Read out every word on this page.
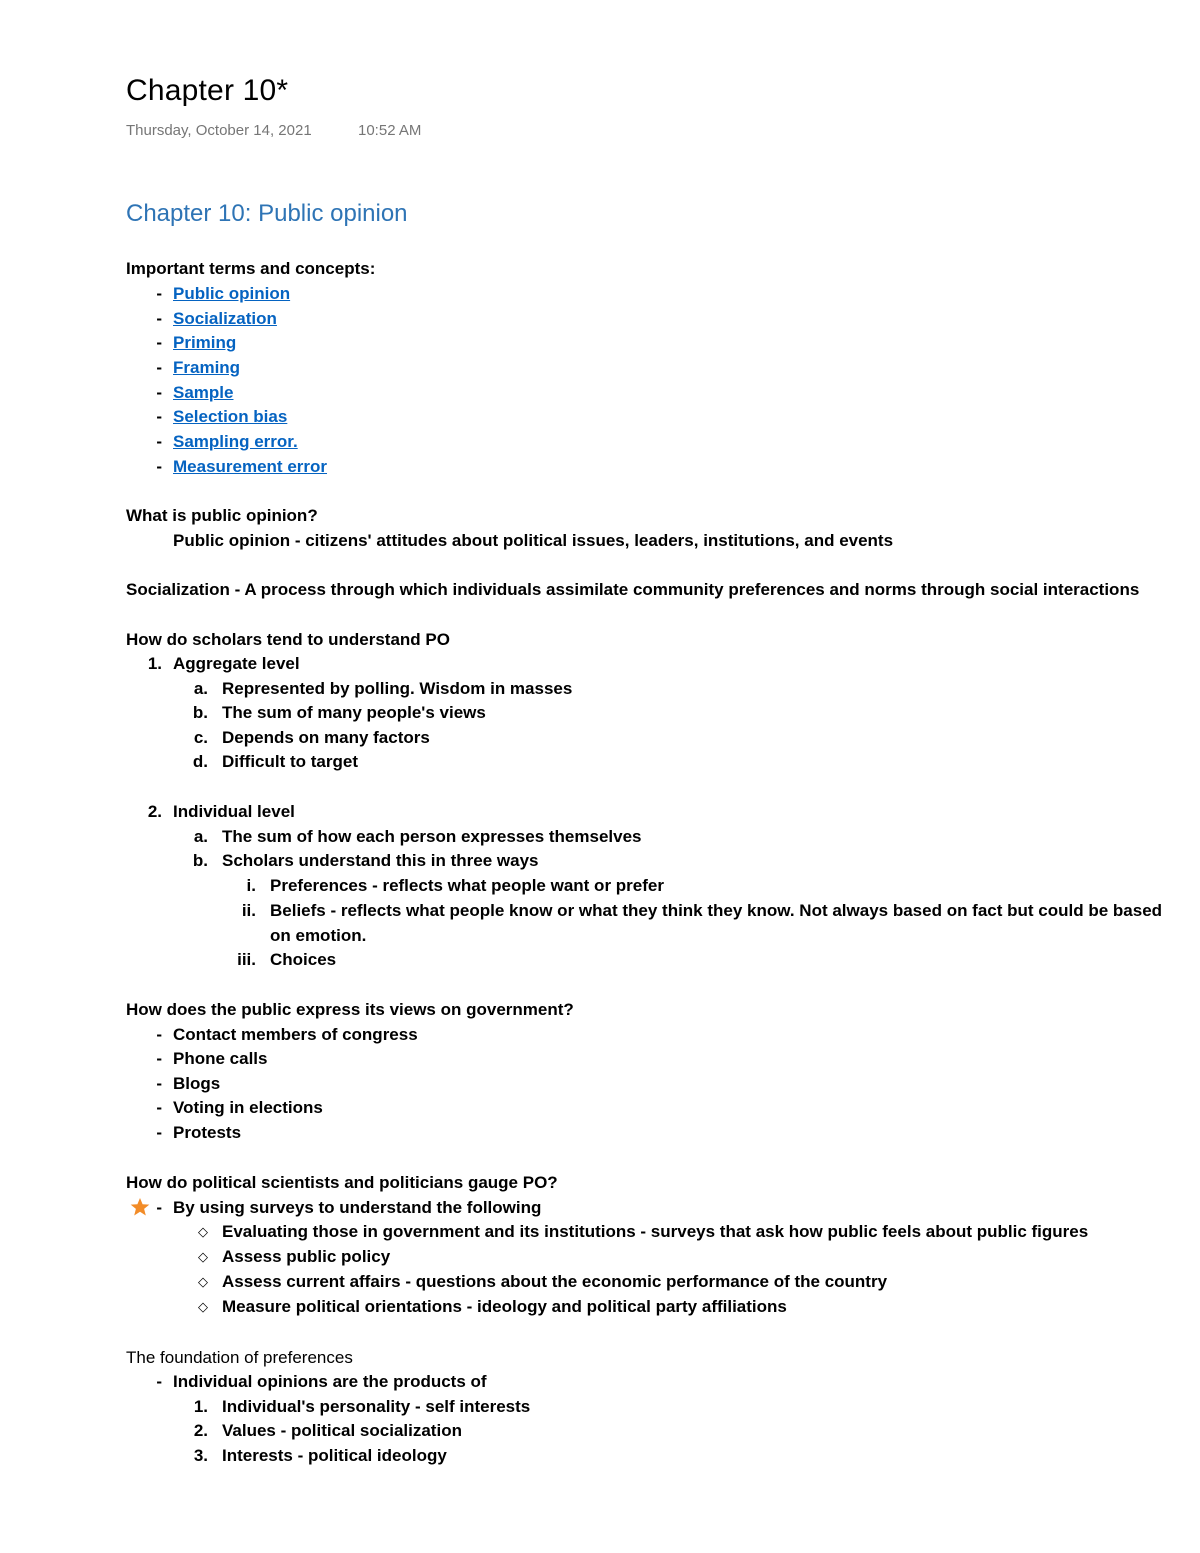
Chapter 10*
Thursday, October 14, 2021	10:52 AM
Chapter 10: Public opinion
Important terms and concepts:
- Public opinion
- Socialization
- Priming
- Framing
- Sample
- Selection bias
- Sampling error.
- Measurement error
What is public opinion?
Public opinion - citizens' attitudes about political issues, leaders, institutions, and events
Socialization - A process through which individuals assimilate community preferences and norms through social interactions
How do scholars tend to understand PO
1. Aggregate level
a. Represented by polling. Wisdom in masses
b. The sum of many people's views
c. Depends on many factors
d. Difficult to target
2. Individual level
a. The sum of how each person expresses themselves
b. Scholars understand this in three ways
i. Preferences - reflects what people want or prefer
ii. Beliefs - reflects what people know or what they think they know. Not always based on fact but could be based
on emotion.
iii. Choices
How does the public express its views on government?
- Contact members of congress
- Phone calls
- Blogs
- Voting in elections
- Protests
How do political scientists and politicians gauge PO?
- By using surveys to understand the following
◇ Evaluating those in government and its institutions - surveys that ask how public feels about public figures
◇ Assess public policy
◇ Assess current affairs - questions about the economic performance of the country
◇ Measure political orientations - ideology and political party affiliations
The foundation of preferences
- Individual opinions are the products of
1. Individual's personality - self interests
2. Values - political socialization
3. Interests - political ideology
